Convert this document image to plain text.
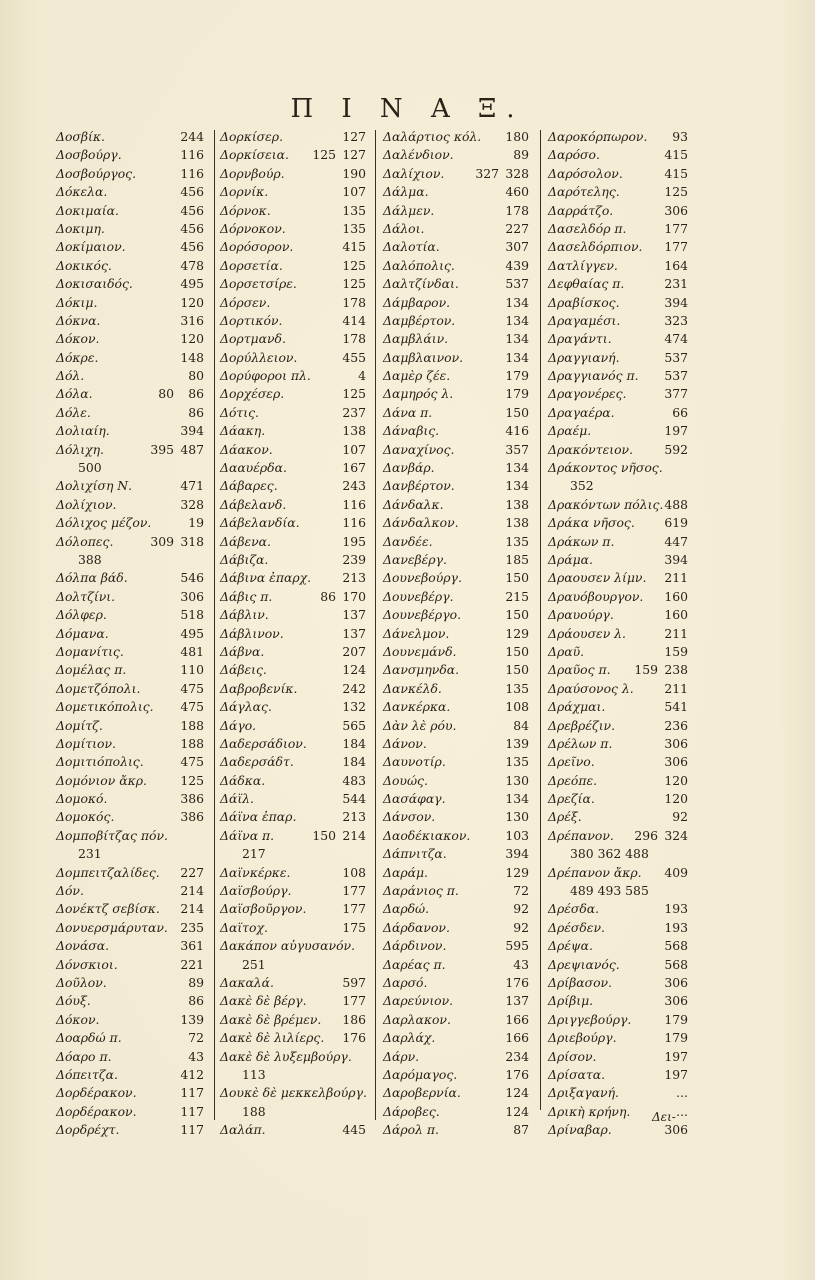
Π Ι Ν Α Ξ.
Δοσβίκ.	244
Δοσβούργ.	116
Δοσβούργος.	116
Δόκελα.	456
Δοκιμαία.	456
Δοκιμη.	456
Δοκίμαιον.	456
Δοκικός.	478
Δοκισαιδός.	495
Δόκιμ.	120
Δόκνα.	316
Δόκον.	120
Δόκρε.	148
Δόλ.	80
Δόλα.	80 86
Δόλε.	86
Δολιαίη.	394
Δόλιχη.	395 487
500
Δολιχίση Ν.	471
Δολίχιον.	328
Δόλιχος μέζον.	19
Δόλοπες.	309 318
388
Δόλπα βάδ.	546
Δολτζίνι.	306
Δόλφερ.	518
Δόμανα.	495
Δομανίτις.	481
Δομέλας π.	110
Δομετζόπολι.	475
Δομετικόπολις. 475
Δομίτζ.	188
Δομίτιον.	188
Δομιτιόπολις.	475
Δομόνιον ἄκρ.	125
Δομοκό.	386
Δομοκός.	386
Δομποβίτζας πόν.
231
Δομπειτζαλίδες. 227
Δόν.	214
Δονέκτζ σεβίσκ. 214
Δονυερσμάρυταν. 235
Δονάσα.	361
Δόνσκιοι.	221
Δοῦλον.	89
Δόυξ.	86
Δόκον.	139
Δοαρδώ π.	72
Δόαρο π.	43
Δόπειτζα.	412
Δορδέρακον.	117
Δορδέρακον.	117
Δορδρέχτ.	117
Δορκίσερ.	127
Δορκίσεια. 125 127
Δορνβούρ.	190
Δορνίκ.	107
Δόρνοκ.	135
Δόρνοκον.	135
Δορόσορον.	415
Δορσετία.	125
Δορσετσίρε.	125
Δόρσεν.	178
Δορτικόν.	414
Δορτμανδ.	178
Δορύλλειον.	455
Δορύφοροι πλ.	4
Δορχέσερ.	125
Δότις.	237
Δάακη.	138
Δάακον.	107
Δααυέρδα.	167
Δάβαρες.	243
Δάβελανδ.	116
Δάβελανδία.	116
Δάβενα.	195
Δάβιζα.	239
Δάβινα ἐπαρχ.	213
Δάβις π.	86 170
Δάβλιν.	137
Δάβλινον.	137
Δάβνα.	207
Δάβεις.	124
Δαβροβενίκ.	242
Δάγλας.	132
Δάγο.	565
Δαδερσάδιον.	184
Δαδερσάδτ.	184
Δάδκα.	483
Δάϊλ.	544
Δάϊνα ἐπαρ.	213
Δάϊνα π.	150 214
217
Δαϊνκέρκε.	108
Δαϊσβούργ.	177
Δαϊσβοῦργον.	177
Δαϊτοχ.	175
Δακάπον αὐγυσανόν.
251
Δακαλά.	597
Δακὲ δὲ βέργ.	177
Δακὲ δὲ βρέμεν. 186
Δακὲ δὲ λιλίερς. 176
Δακὲ δὲ λυξεμβούργ.
113
Δουκὲ δὲ μεκκελβούργ.
188
Δαλάπ.	445
Δαλάρτιος κόλ. 180
Δαλένδιον.	89
Δαλίχιον.	327 328
Δάλμα.	460
Δάλμεν.	178
Δάλοι.	227
Δαλοτία.	307
Δαλόπολις.	439
Δαλτζίνδαι.	537
Δάμβαρον.	134
Δαμβέρτον.	134
Δαμβλάιν.	134
Δαμβλαινον.	134
Δαμὲρ ζέε.	179
Δαμηρός λ.	179
Δάνα π.	150
Δάναβις.	416
Δαναχίνος.	357
Δανβάρ.	134
Δανβέρτον.	134
Δάνδαλκ.	138
Δάνδαλκον.	138
Δανδέε.	135
Δανεβέργ.	185
Δουνεβούργ.	150
Δουνεβέργ.	215
Δουνεβέργο.	150
Δάνελμον.	129
Δουνεμάνδ.	150
Δανσμηνδα.	150
Δανκέλδ.	135
Δανκέρκα.	108
Δὰν λὲ ρόυ.	84
Δάνον.	139
Δαυνοτίρ.	135
Δουώς.	130
Δασάφαγ.	134
Δάνσον.	130
Δαοδέκιακον.	103
Δάπνιτζα.	394
Δαράμ.	129
Δαράνιος π.	72
Δαρδώ.	92
Δάρδανον.	92
Δάρδινον.	595
Δαρέας π.	43
Δαρσό.	176
Δαρεύνιον.	137
Δαρλακον.	166
Δαρλάχ.	166
Δάρν.	234
Δαρόμαγος.	176
Δαροβερνία.	124
Δάροβες.	124
Δάρολ π.	87
Δαροκόρπωρον. 93
Δαρόσο.	415
Δαρόσολον.	415
Δαρότελης.	125
Δαρράτζο.	306
Δασελδόρ π.	177
Δασελδόρπιον. 177
Δατλίγγεν.	164
Δεφθαίας π.	231
Δραβίσκος.	394
Δραγαμέσι.	323
Δραγάντι.	474
Δραγγιανή.	537
Δραγγιανός π. 537
Δραγονέρες.	377
Δραγαέρα.	66
Δραέμ.	197
Δρακόντειον.	592
Δράκοντος νῆσος.
352
Δρακόντων πόλις. 488
Δράκα νῆσος. 619
Δράκων π.	447
Δράμα.	394
Δραουσεν λίμν. 211
Δραυόβουργον. 160
Δραυούργ.	160
Δράουσεν λ.	211
Δραῦ.	159
Δραῦος π. 159 238
Δραύσονος λ. 211
Δράχμαι.	541
Δρεβρέζιν.	236
Δρέλων π.	306
Δρεῖνο.	306
Δρεόπε.	120
Δρεζία.	120
Δρέξ.	92
Δρέπανον. 296 324
380 362 488
Δρέπανον ἄκρ. 409
489 493 585
Δρέσδα.	193
Δρέσδεν.	193
Δρέψα.	568
Δρεψιανός.	568
Δρίβασον.	306
Δρίβιμ.	306
Δριγγεβούργ.	179
Δριεβούργ.	179
Δρίσον.	197
Δρίσατα.	197
Δριξαγανή.	...
Δρικὴ κρήνη.	...
Δρίναβαρ.	306
Δει-
